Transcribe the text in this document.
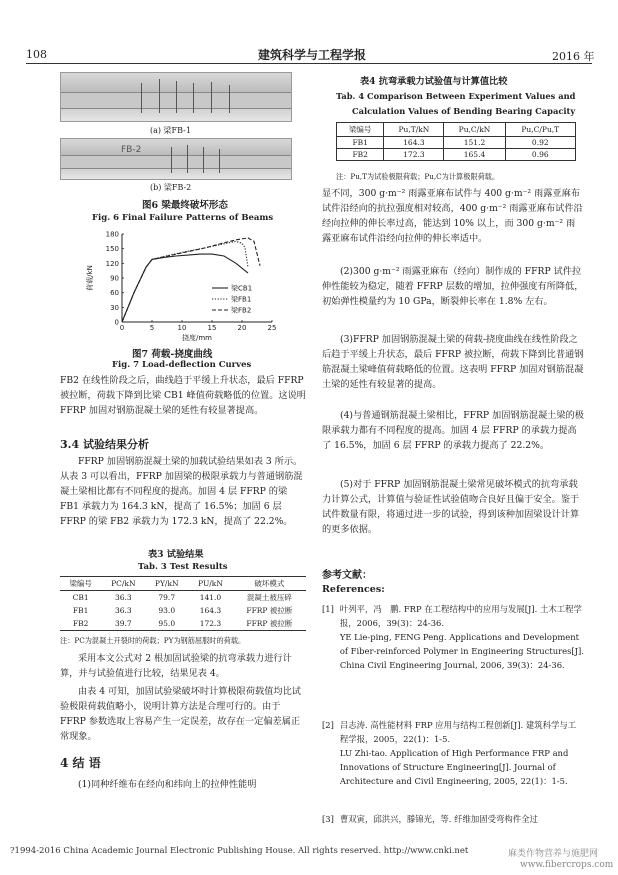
108	建筑科学与工程学报	2016 年
(a) 梁FB-1
FB-2
(b) 梁FB-2
图6 梁最终破坏形态
Fig. 6 Final Failure Patterns of Beams
0	5	10	15	20	25
0
30
60
90
120
150
180
挠度/mm
荷载/kN	梁CB1
梁FB1
梁FB2
图7 荷载-挠度曲线
Fig. 7 Load-deflection Curves
FB2 在线性阶段之后，曲线趋于平缓上升状态，最后 FFRP 被拉断，荷载下降到比梁 CB1 峰值荷载略低的位置。这说明 FFRP 加固对钢筋混凝土梁的延性有较显著提高。
3.4 试验结果分析
FFRP 加固钢筋混凝土梁的加载试验结果如表 3 所示。从表 3 可以看出，FFRP 加固梁的极限承载力与普通钢筋混凝土梁相比都有不同程度的提高。加固 4 层 FFRP 的梁 FB1 承载力为 164.3 kN，提高了 16.5%；加固 6 层 FFRP 的梁 FB2 承载力为 172.3 kN，提高了 22.2%。
表3 试验结果
Tab. 3 Test Results
梁编号	PC/kN	PY/kN	PU/kN	破坏模式
CB1	36.3	79.7	141.0	混凝土被压碎
FB1	36.3	93.0	164.3	FFRP 被拉断
FB2	39.7	95.0	172.3	FFRP 被拉断
注：PC为混凝土开裂时的荷载；PY为钢筋屈服时的荷载。
采用本文公式对 2 根加固试验梁的抗弯承载力进行计算，并与试验值进行比较，结果见表 4。
由表 4 可知，加固试验梁破坏时计算极限荷载值均比试验极限荷载值略小，说明计算方法是合理可行的。由于 FFRP 参数选取上容易产生一定误差，故存在一定偏差属正常现象。
4 结 语
(1)同种纤维布在经向和纬向上的拉伸性能明
表4 抗弯承载力试验值与计算值比较
Tab. 4 Comparison Between Experiment Values and
Calculation Values of Bending Bearing Capacity
梁编号	Pu,T/kN	Pu,C/kN	Pu,C/Pu,T
FB1	164.3	151.2	0.92
FB2	172.3	165.4	0.96
注：Pu,T为试验极限荷载；Pu,C为计算极限荷载。
显不同，300 g·m⁻² 雨露亚麻布试件与 400 g·m⁻² 雨露亚麻布试件沿经向的抗拉强度相对较高，400 g·m⁻² 雨露亚麻布试件沿经向拉伸的伸长率过高，能达到 10% 以上，而 300 g·m⁻² 雨露亚麻布试件沿经向拉伸的伸长率适中。
(2)300 g·m⁻² 雨露亚麻布（经向）制作成的 FFRP 试件拉伸性能较为稳定，随着 FFRP 层数的增加，拉伸强度有所降低，初始弹性模量约为 10 GPa，断裂伸长率在 1.8% 左右。
(3)FFRP 加固钢筋混凝土梁的荷载-挠度曲线在线性阶段之后趋于平缓上升状态，最后 FFRP 被拉断，荷载下降到比普通钢筋混凝土梁峰值荷载略低的位置。这表明 FFRP 加固对钢筋混凝土梁的延性有较显著的提高。
(4)与普通钢筋混凝土梁相比，FFRP 加固钢筋混凝土梁的极限承载力都有不同程度的提高。加固 4 层 FFRP 的承载力提高了 16.5%，加固 6 层 FFRP 的承载力提高了 22.2%。
(5)对于 FFRP 加固钢筋混凝土梁常见破坏模式的抗弯承载力计算公式，计算值与验证性试验值吻合良好且偏于安全。鉴于试件数量有限，将通过进一步的试验，得到该种加固梁设计计算的更多依据。
参考文献：
References:
[1] 叶列平，冯　鹏. FRP 在工程结构中的应用与发展[J]. 土木工程学报，2006，39(3)：24-36.
YE Lie-ping, FENG Peng. Applications and Development of Fiber-reinforced Polymer in Engineering Structures[J]. China Civil Engineering Journal, 2006, 39(3)：24-36.
[2] 吕志涛. 高性能材料 FRP 应用与结构工程创新[J]. 建筑科学与工程学报，2005，22(1)：1-5.
LU Zhi-tao. Application of High Performance FRP and Innovations of Structure Engineering[J]. Journal of Architecture and Civil Engineering, 2005, 22(1)：1-5.
[3] 曹双寅，邱洪兴，滕锦光，等. 纤维加固受弯构件全过
?1994-2016 China Academic Journal Electronic Publishing House. All rights reserved. http://www.cnki.net	麻类作物营养与施肥网
www.fibercrops.com
